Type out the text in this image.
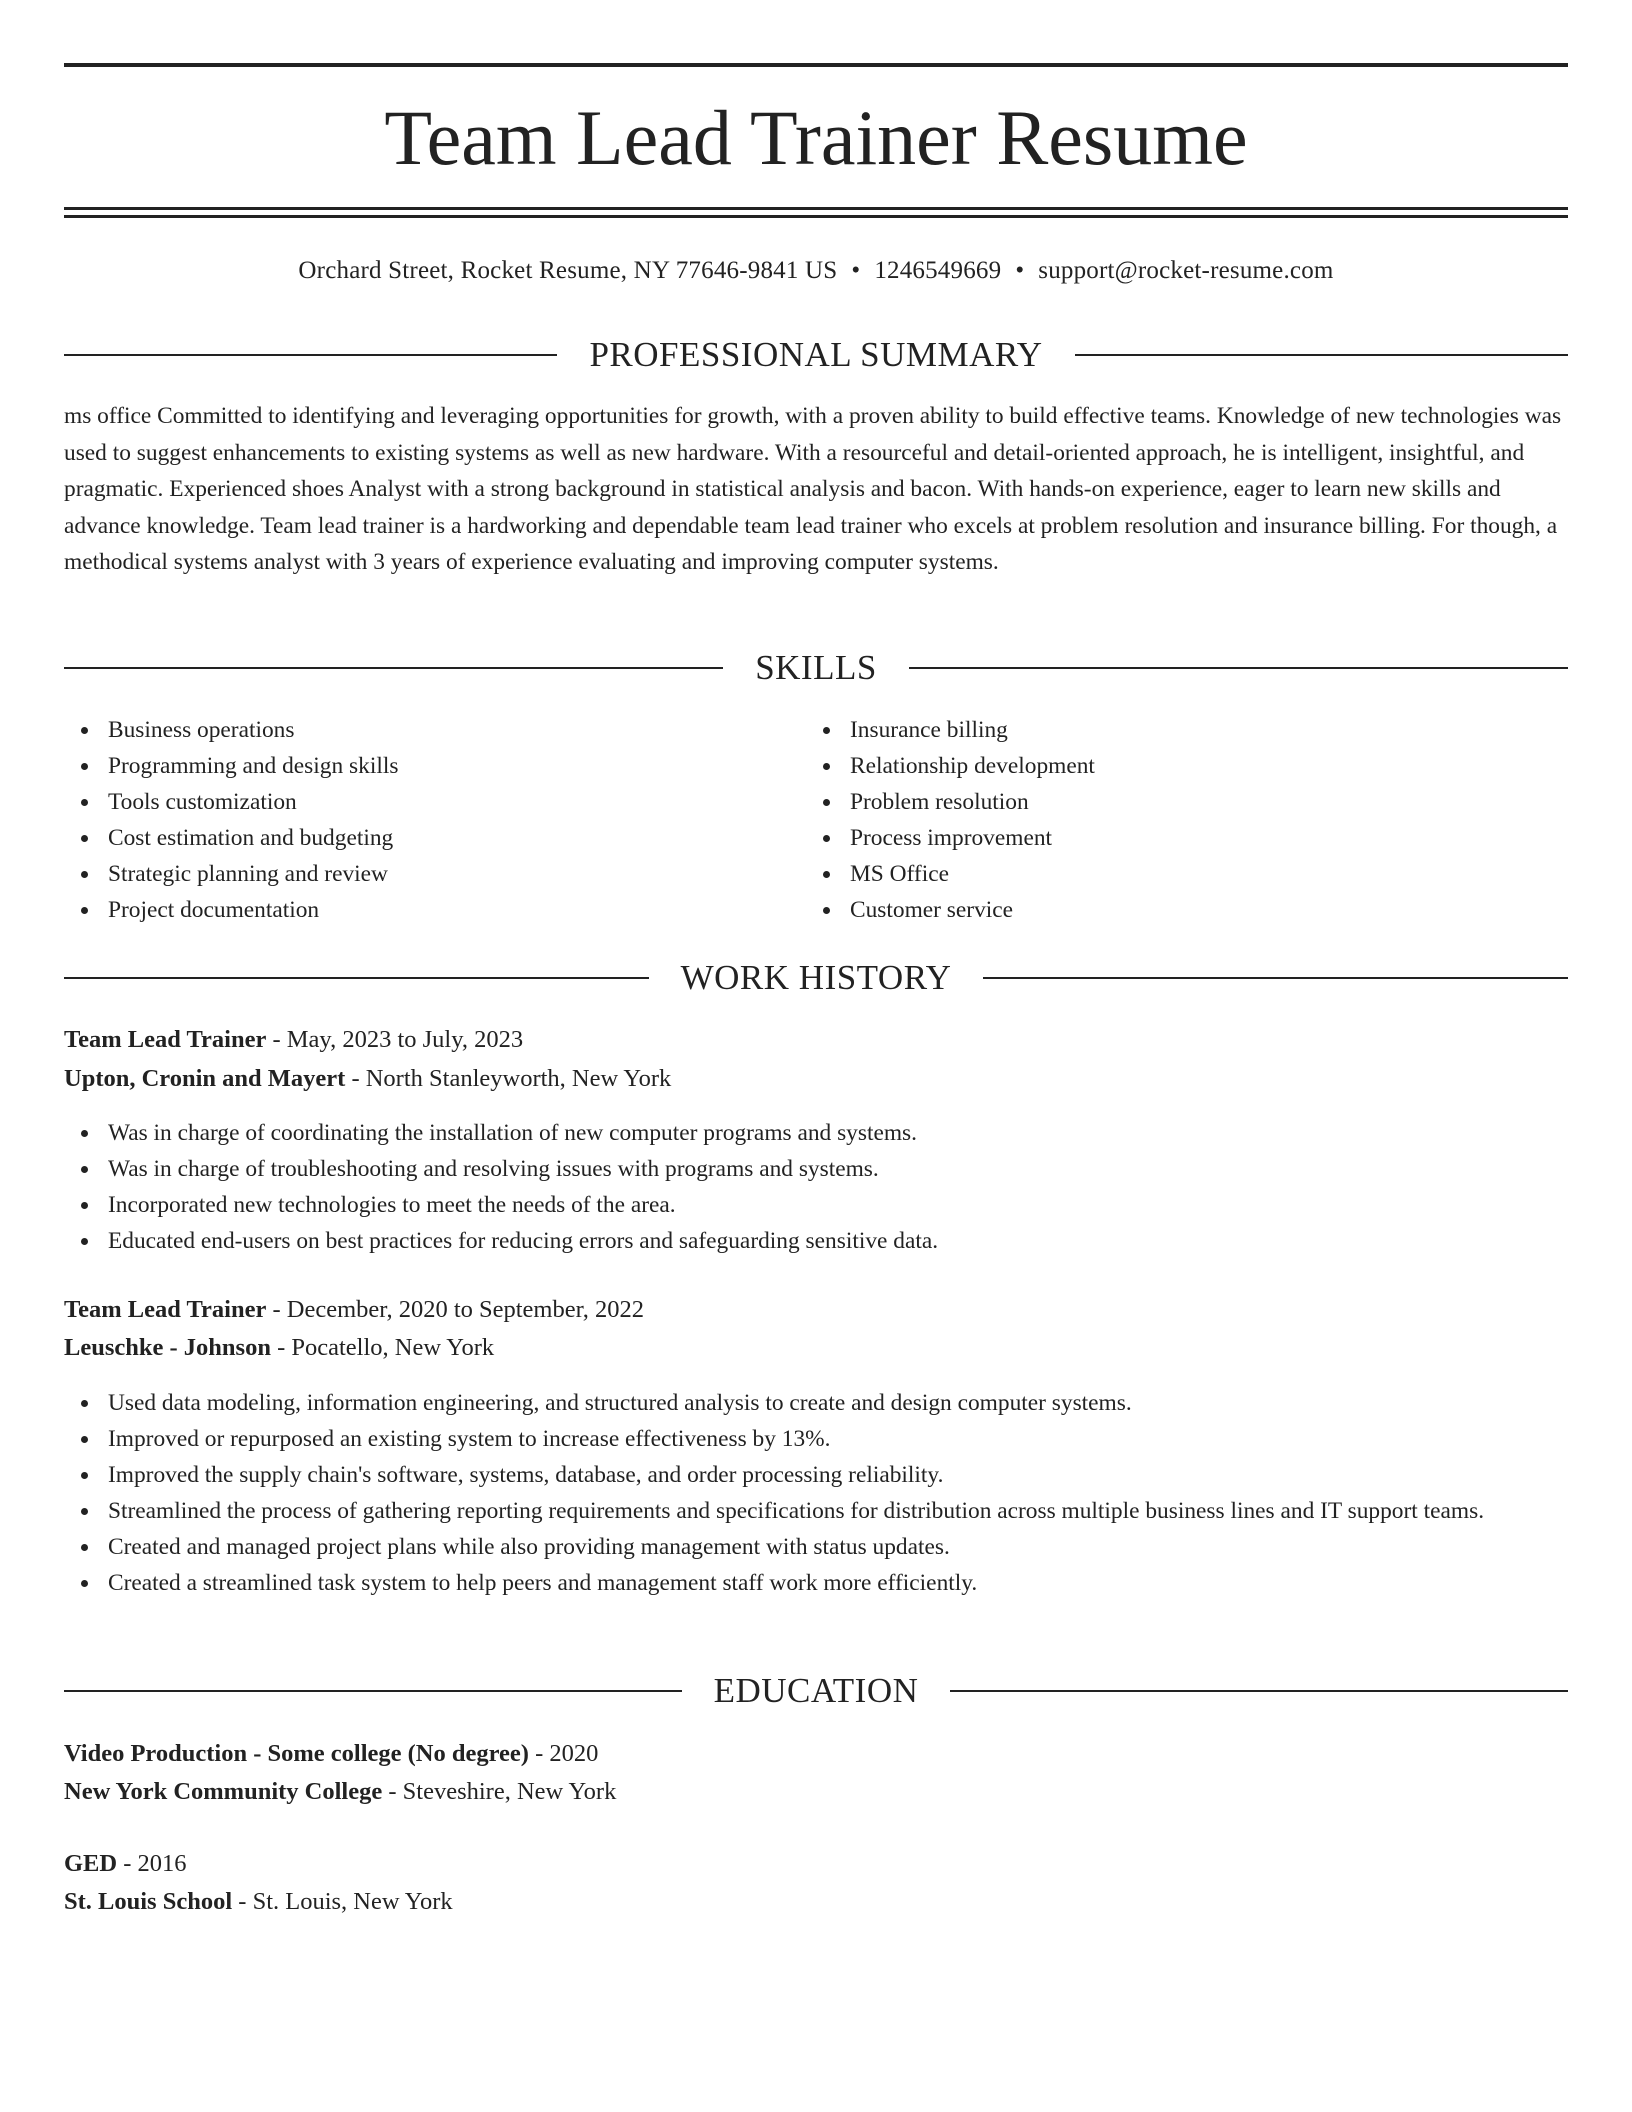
Team Lead Trainer Resume
Orchard Street, Rocket Resume, NY 77646-9841 US • 1246549669 • support@rocket-resume.com
PROFESSIONAL SUMMARY

ms office Committed to identifying and leveraging opportunities for growth, with a proven ability to build effective teams. Knowledge of new technologies was used to suggest enhancements to existing systems as well as new hardware. With a resourceful and detail-oriented approach, he is intelligent, insightful, and pragmatic. Experienced shoes Analyst with a strong background in statistical analysis and bacon. With hands-on experience, eager to learn new skills and advance knowledge. Team lead trainer is a hardworking and dependable team lead trainer who excels at problem resolution and insurance billing. For though, a methodical systems analyst with 3 years of experience evaluating and improving computer systems.

SKILLS
Business operations
Programming and design skills
Tools customization
Cost estimation and budgeting
Strategic planning and review
Project documentation
Insurance billing
Relationship development
Problem resolution
Process improvement
MS Office
Customer service
WORK HISTORY
Team Lead Trainer - May, 2023 to July, 2023
Upton, Cronin and Mayert - North Stanleyworth, New York
Was in charge of coordinating the installation of new computer programs and systems.
Was in charge of troubleshooting and resolving issues with programs and systems.
Incorporated new technologies to meet the needs of the area.
Educated end-users on best practices for reducing errors and safeguarding sensitive data.
Team Lead Trainer - December, 2020 to September, 2022
Leuschke - Johnson - Pocatello, New York
Used data modeling, information engineering, and structured analysis to create and design computer systems.
Improved or repurposed an existing system to increase effectiveness by 13%.
Improved the supply chain's software, systems, database, and order processing reliability.
Streamlined the process of gathering reporting requirements and specifications for distribution across multiple business lines and IT support teams.
Created and managed project plans while also providing management with status updates.
Created a streamlined task system to help peers and management staff work more efficiently.
EDUCATION
Video Production - Some college (No degree) - 2020
New York Community College - Steveshire, New York
GED - 2016
St. Louis School - St. Louis, New York
